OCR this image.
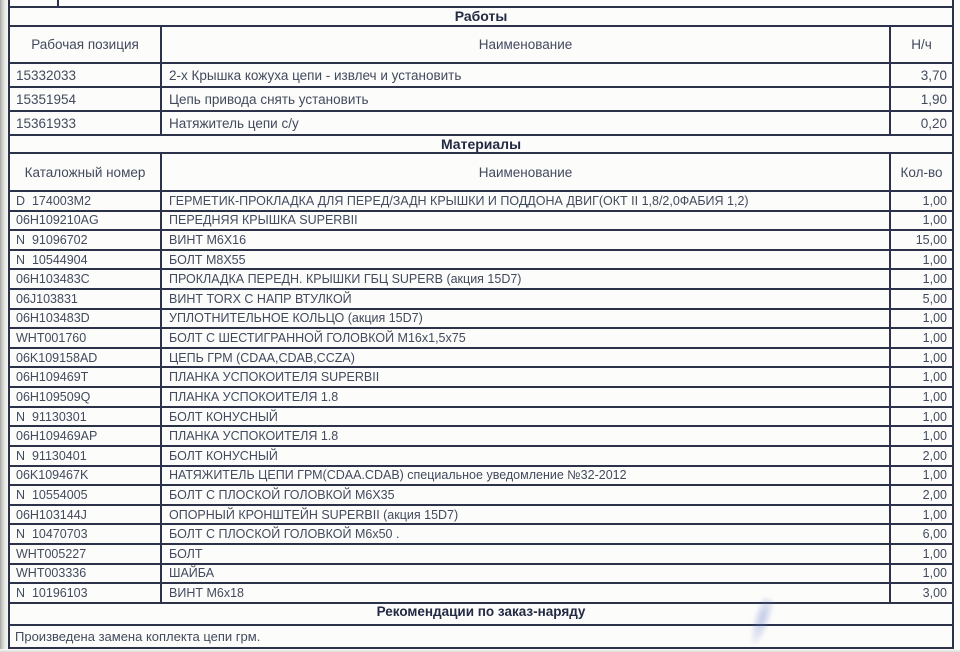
Работы
Рабочая позиция	Наименование	Н/ч
15332033	2-х Крышка кожуха цепи - извлеч и установить	3,70
15351954	Цепь привода снять установить	1,90
15361933	Натяжитель цепи с/у	0,20
Материалы
Каталожный номер	Наименование	Кол-во
D  174003M2	ГЕРМЕТИК-ПРОКЛАДКА ДЛЯ ПЕРЕД/ЗАДН КРЫШКИ И ПОДДОНА ДВИГ(ОКТ II 1,8/2,0ФАБИЯ 1,2)	1,00
06H109210AG	ПЕРЕДНЯЯ КРЫШКА SUPERBII	1,00
N  91096702	ВИНТ M6X16	15,00
N  10544904	БОЛТ M8X55	1,00
06H103483C	ПРОКЛАДКА ПЕРЕДН. КРЫШКИ ГБЦ SUPERB (акция 15D7)	1,00
06J103831	ВИНТ TORX С НАПР ВТУЛКОЙ	5,00
06H103483D	УПЛОТНИТЕЛЬНОЕ КОЛЬЦО (акция 15D7)	1,00
WHT001760	БОЛТ С ШЕСТИГРАННОЙ ГОЛОВКОЙ M16x1,5x75	1,00
06K109158AD	ЦЕПЬ ГРМ (CDAA,CDAB,CCZA)	1,00
06H109469T	ПЛАНКА УСПОКОИТЕЛЯ SUPERBII	1,00
06H109509Q	ПЛАНКА УСПОКОИТЕЛЯ 1.8	1,00
N  91130301	БОЛТ КОНУСНЫЙ	1,00
06H109469AP	ПЛАНКА УСПОКОИТЕЛЯ 1.8	1,00
N  91130401	БОЛТ КОНУСНЫЙ	2,00
06K109467K	НАТЯЖИТЕЛЬ ЦЕПИ ГРМ(CDAA.CDAB) специальное уведомление №32-2012	1,00
N  10554005	БОЛТ С ПЛОСКОЙ ГОЛОВКОЙ M6X35	2,00
06H103144J	ОПОРНЫЙ КРОНШТЕЙН SUPERBII (акция 15D7)	1,00
N  10470703	БОЛТ С ПЛОСКОЙ ГОЛОВКОЙ M6x50 .	6,00
WHT005227	БОЛТ	1,00
WHT003336	ШАЙБА	1,00
N  10196103	ВИНТ M6x18	3,00
Рекомендации по заказ-наряду
Произведена замена коплекта цепи грм.
